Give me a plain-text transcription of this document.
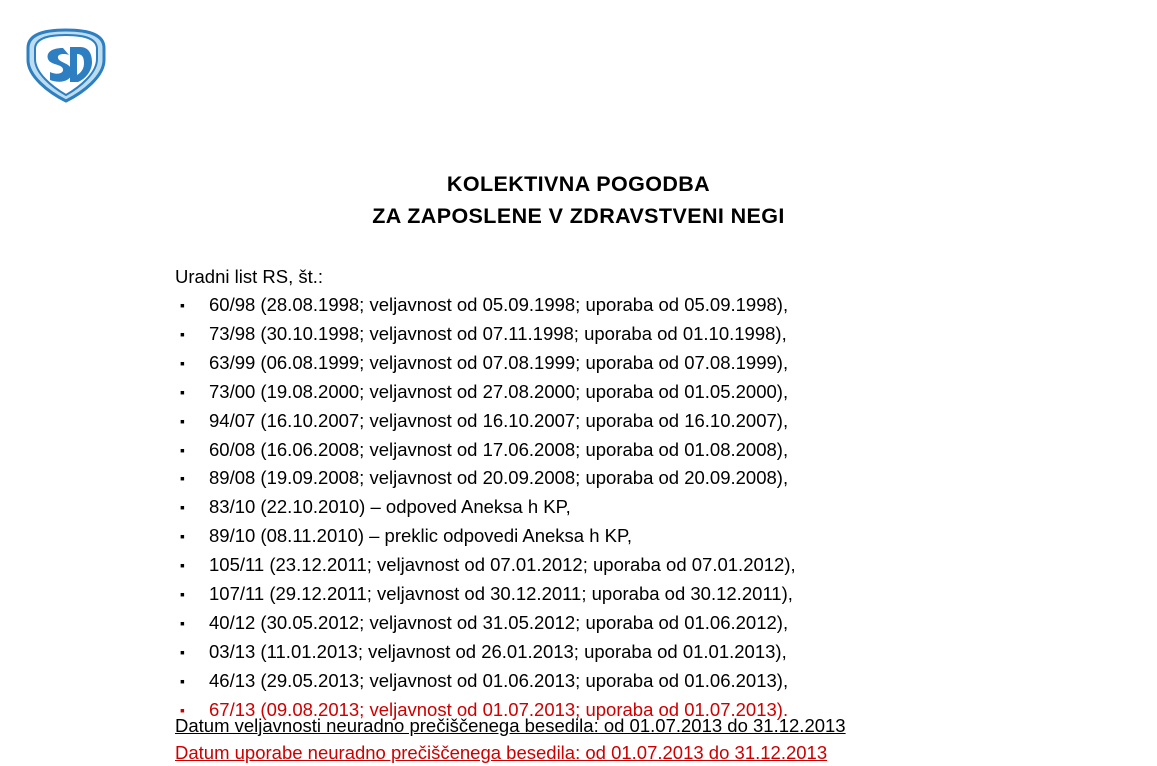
KOLEKTIVNA POGODBA
ZA ZAPOSLENE V ZDRAVSTVENI NEGI

Uradni list RS, št.:

▪ 60/98 (28.08.1998; veljavnost od 05.09.1998; uporaba od 05.09.1998),
▪ 73/98 (30.10.1998; veljavnost od 07.11.1998; uporaba od 01.10.1998),
▪ 63/99 (06.08.1999; veljavnost od 07.08.1999; uporaba od 07.08.1999),
▪ 73/00 (19.08.2000; veljavnost od 27.08.2000; uporaba od 01.05.2000),
▪ 94/07 (16.10.2007; veljavnost od 16.10.2007; uporaba od 16.10.2007),
▪ 60/08 (16.06.2008; veljavnost od 17.06.2008; uporaba od 01.08.2008),
▪ 89/08 (19.09.2008; veljavnost od 20.09.2008; uporaba od 20.09.2008),
▪ 83/10 (22.10.2010) – odpoved Aneksa h KP,
▪ 89/10 (08.11.2010) – preklic odpovedi Aneksa h KP,
▪ 105/11 (23.12.2011; veljavnost od 07.01.2012; uporaba od 07.01.2012),
▪ 107/11 (29.12.2011; veljavnost od 30.12.2011; uporaba od 30.12.2011),
▪ 40/12 (30.05.2012; veljavnost od 31.05.2012; uporaba od 01.06.2012),
▪ 03/13 (11.01.2013; veljavnost od 26.01.2013; uporaba od 01.01.2013),
▪ 46/13 (29.05.2013; veljavnost od 01.06.2013; uporaba od 01.06.2013),
▪ 67/13 (09.08.2013; veljavnost od 01.07.2013; uporaba od 01.07.2013).
Datum veljavnosti neuradno prečiščenega besedila: od 01.07.2013 do 31.12.2013
Datum uporabe neuradno prečiščenega besedila: od 01.07.2013 do 31.12.2013
